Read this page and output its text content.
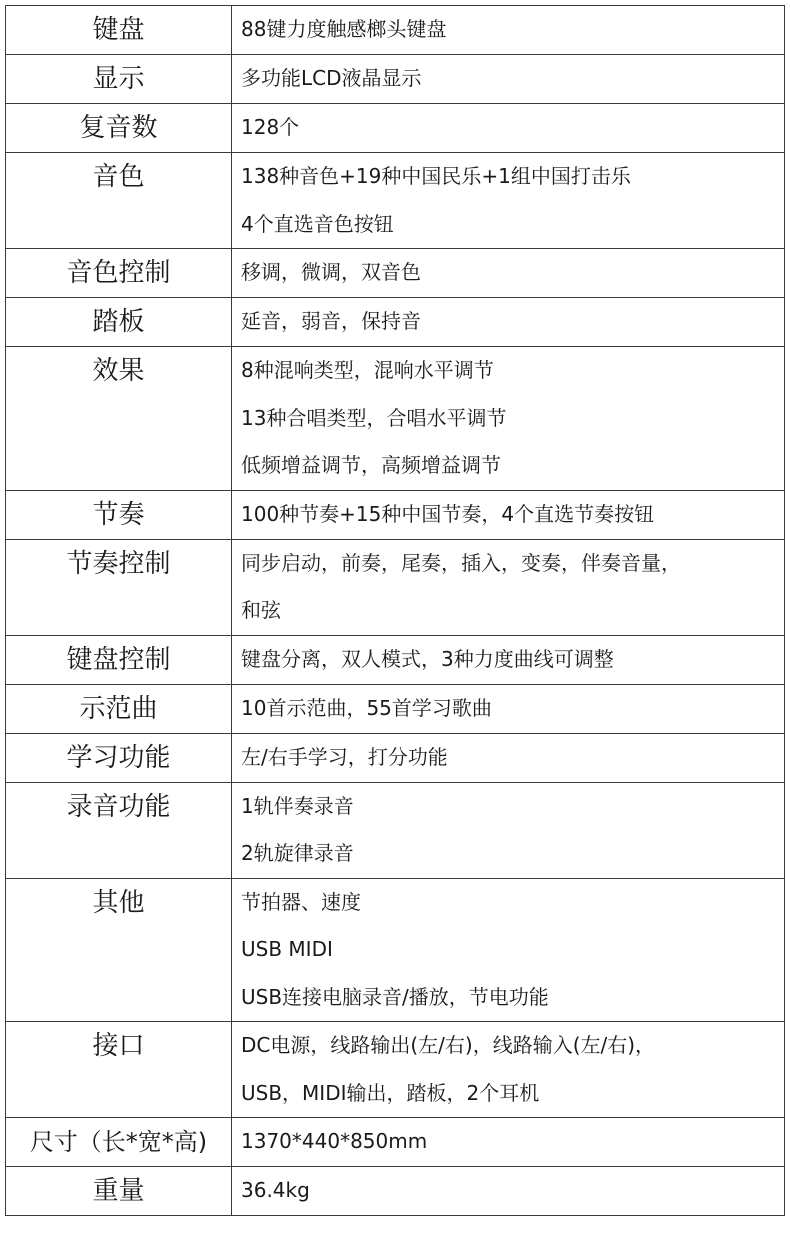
键盘	88键力度触感榔头键盘

显示	多功能LCD液晶显示

复音数	128个

音色	138种音色+19种中国民乐+1组中国打击乐
4个直选音色按钮

音色控制	移调，微调，双音色

踏板	延音，弱音，保持音

效果	8种混响类型，混响水平调节
13种合唱类型，合唱水平调节
低频增益调节，高频增益调节

节奏	100种节奏+15种中国节奏，4个直选节奏按钮

节奏控制	同步启动，前奏，尾奏，插入，变奏，伴奏音量，
和弦

键盘控制	键盘分离，双人模式，3种力度曲线可调整

示范曲	10首示范曲，55首学习歌曲

学习功能	左/右手学习，打分功能

录音功能	1轨伴奏录音
2轨旋律录音

其他	节拍器、速度
USB MIDI
USB连接电脑录音/播放，节电功能

接口	DC电源，线路输出(左/右)，线路输入(左/右)，
USB，MIDI输出，踏板，2个耳机

尺寸（长*宽*高)	1370*440*850mm

重量	36.4kg
